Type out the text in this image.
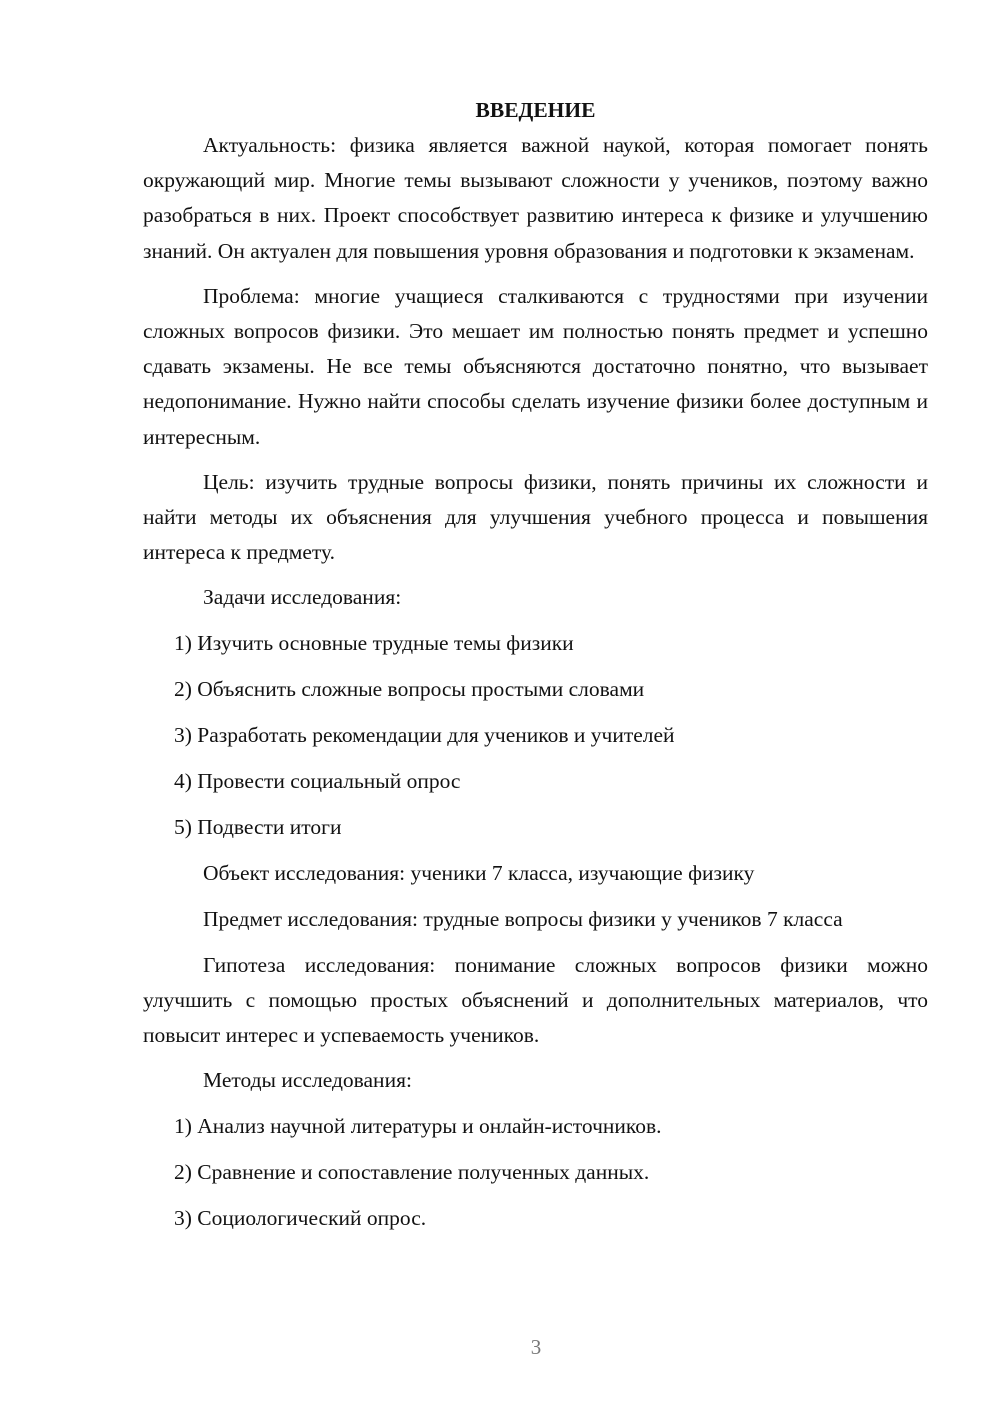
ВВЕДЕНИЕ

Актуальность: физика является важной наукой, которая помогает понять окружающий мир. Многие темы вызывают сложности у учеников, поэтому важно разобраться в них. Проект способствует развитию интереса к физике и улучшению знаний. Он актуален для повышения уровня образования и подготовки к экзаменам.

Проблема: многие учащиеся сталкиваются с трудностями при изучении сложных вопросов физики. Это мешает им полностью понять предмет и успешно сдавать экзамены. Не все темы объясняются достаточно понятно, что вызывает недопонимание. Нужно найти способы сделать изучение физики более доступным и интересным.

Цель: изучить трудные вопросы физики, понять причины их сложности и найти методы их объяснения для улучшения учебного процесса и повышения интереса к предмету.

Задачи исследования:
1) Изучить основные трудные темы физики
2) Объяснить сложные вопросы простыми словами
3) Разработать рекомендации для учеников и учителей
4) Провести социальный опрос
5) Подвести итоги
Объект исследования: ученики 7 класса, изучающие физику

Предмет исследования: трудные вопросы физики у учеников 7 класса

Гипотеза исследования: понимание сложных вопросов физики можно улучшить с помощью простых объяснений и дополнительных материалов, что повысит интерес и успеваемость учеников.

Методы исследования:
1) Анализ научной литературы и онлайн-источников.
2) Сравнение и сопоставление полученных данных.
3) Социологический опрос.
3
